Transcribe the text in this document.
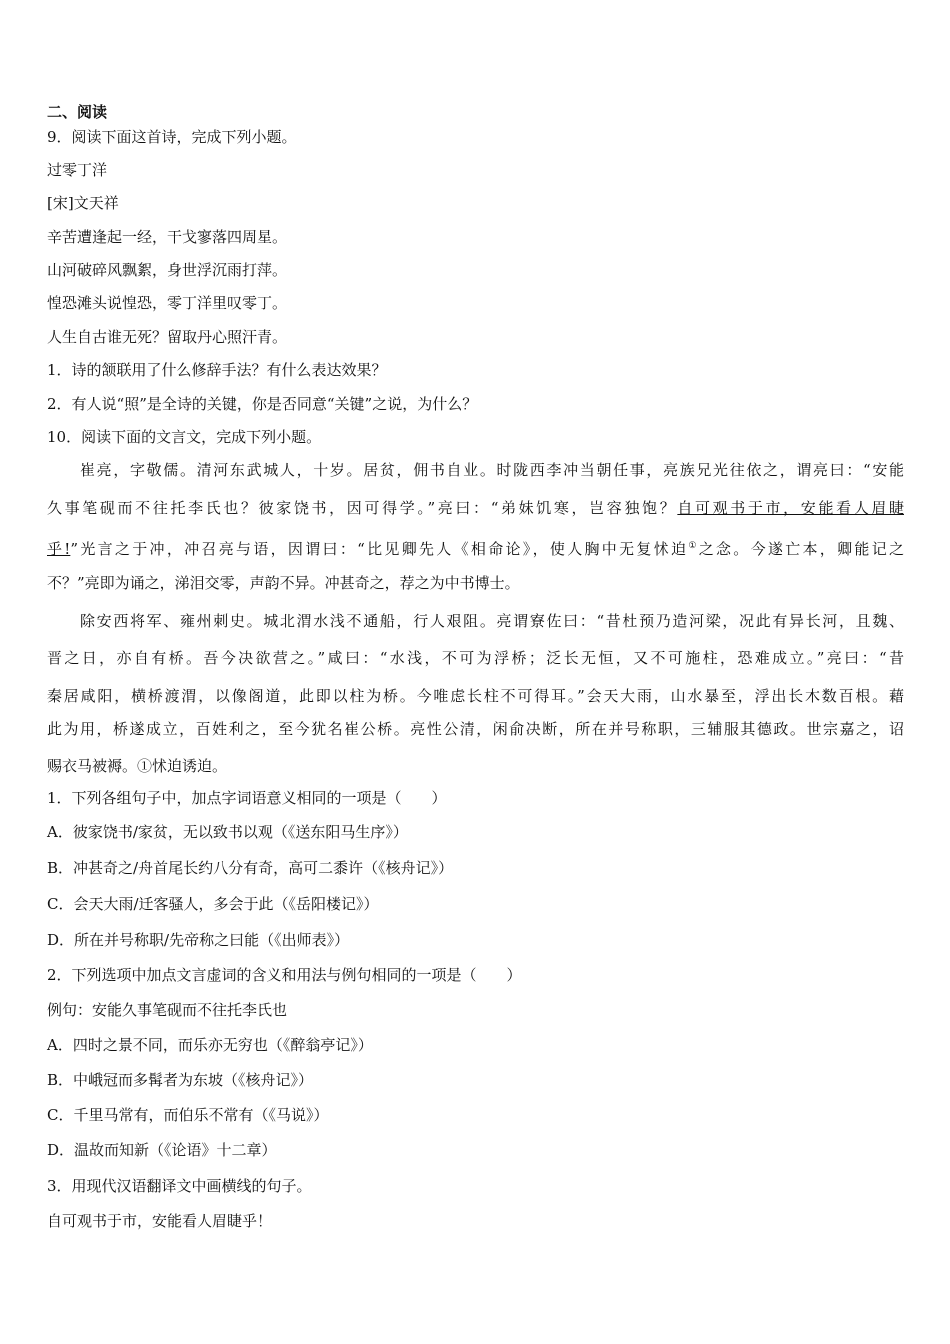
二、阅读
9．阅读下面这首诗，完成下列小题。
过零丁洋
[宋]文天祥
辛苦遭逢起一经，干戈寥落四周星。
山河破碎风飘絮，身世浮沉雨打萍。
惶恐滩头说惶恐，零丁洋里叹零丁。
人生自古谁无死？留取丹心照汗青。
1．诗的颔联用了什么修辞手法？有什么表达效果？
2．有人说“照”是全诗的关键，你是否同意“关键”之说，为什么？
10．阅读下面的文言文，完成下列小题。
崔亮，字敬儒。清河东武城人，十岁。居贫，佣书自业。时陇西李冲当朝任事，亮族兄光往依之，谓亮曰：“安能
久事笔砚而不往托李氏也？彼家饶书，因可得学。”亮曰：“弟妹饥寒，岂容独饱？自可观书于市，安能看人眉睫
乎!”光言之于冲，冲召亮与语，因谓曰：“比见卿先人《相命论》，使人胸中无复怵迫①之念。今遂亡本，卿能记之
不？”亮即为诵之，涕泪交零，声韵不异。冲甚奇之，荐之为中书博士。
除安西将军、雍州刺史。城北渭水浅不通船，行人艰阻。亮谓寮佐曰：“昔杜预乃造河梁，况此有异长河，且魏、
晋之日，亦自有桥。吾今决欲营之。”咸曰：“水浅，不可为浮桥；泛长无恒，又不可施柱，恐难成立。”亮曰：“昔
秦居咸阳，横桥渡渭，以像阁道，此即以柱为桥。今唯虑长柱不可得耳。”会天大雨，山水暴至，浮出长木数百根。藉
此为用，桥遂成立，百姓利之，至今犹名崔公桥。亮性公清，闲俞决断，所在并号称职，三辅服其德政。世宗嘉之，诏
赐衣马被褥。①怵迫诱迫。
1．下列各组句子中，加点字词语意义相同的一项是（　　）
A．彼家饶书/家贫，无以致书以观（《送东阳马生序》）
B．冲甚奇之/舟首尾长约八分有奇，高可二黍许（《核舟记》）
C．会天大雨/迁客骚人，多会于此（《岳阳楼记》）
D．所在并号称职/先帝称之曰能（《出师表》）
2．下列选项中加点文言虚词的含义和用法与例句相同的一项是（　　）
例句：安能久事笔砚而不往托李氏也
A．四时之景不同，而乐亦无穷也（《醉翁亭记》）
B．中峨冠而多髯者为东坡（《核舟记》）
C．千里马常有，而伯乐不常有（《马说》）
D．温故而知新（《论语》十二章）
3．用现代汉语翻译文中画横线的句子。
自可观书于市，安能看人眉睫乎！
